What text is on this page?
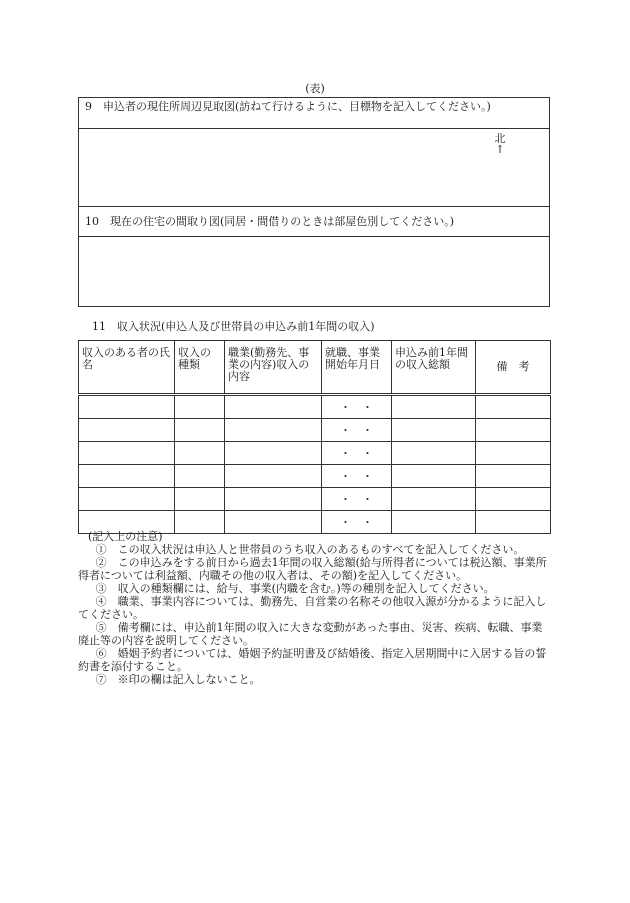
(表)
9　申込者の現住所周辺見取図(訪ねて行けるように、目標物を記入してください。)
北
↑
10　現在の住宅の間取り図(同居・間借りのときは部屋色別してください。)
11　収入状況(申込人及び世帯員の申込み前1年間の収入)
収入のある者の氏名	収入の種類	職業(勤務先、事業の内容)収入の内容	就職、事業開始年月日	申込み前1年間の収入総額	備　考
			・　・		
			・　・		
			・　・		
			・　・		
			・　・		
			・　・		
(記入上の注意)

①　この収入状況は申込人と世帯員のうち収入のあるものすべてを記入してください。

②　この申込みをする前日から過去1年間の収入総額(給与所得者については税込額、事業所得者については利益額、内職その他の収入者は、その額)を記入してください。

③　収入の種類欄には、給与、事業(内職を含む。)等の種別を記入してください。

④　職業、事業内容については、勤務先、自営業の名称その他収入源が分かるように記入してください。

⑤　備考欄には、申込前1年間の収入に大きな変動があった事由、災害、疾病、転職、事業廃止等の内容を説明してください。

⑥　婚姻予約者については、婚姻予約証明書及び結婚後、指定入居期間中に入居する旨の誓約書を添付すること。

⑦　※印の欄は記入しないこと。
